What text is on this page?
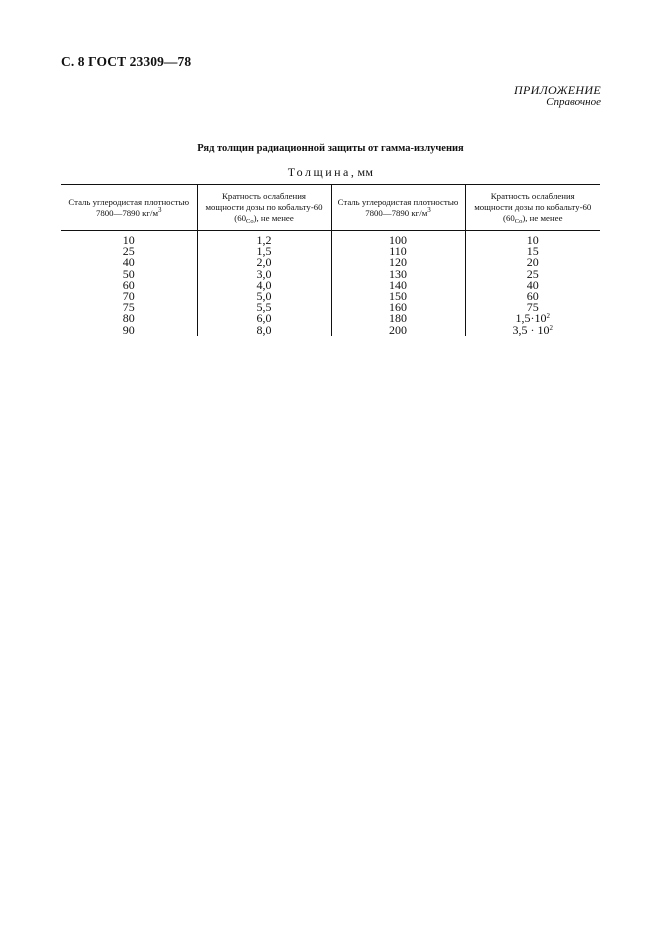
С. 8 ГОСТ 23309—78
ПРИЛОЖЕНИЕ
Справочное
Ряд толщин радиационной защиты от гамма-излучения
Толщина, мм
Сталь углеродистая плотностью 7800—7890 $кг/м^3$	Кратность ослабления мощности дозы по кобальту-60 $(60_{Co})$, не менее	Сталь углеродистая плотностью 7800—7890 $кг/м^3$	Кратность ослабления мощности дозы по кобальту-60 $(60_{Co})$, не менее
10	1,2	100	10
25	1,5	110	15
40	2,0	120	20
50	3,0	130	25
60	4,0	140	40
70	5,0	150	60
75	5,5	160	75
80	6,0	180	$1,5\cdot 10^2$
90	8,0	200	$3,5 \cdot 10^2$
